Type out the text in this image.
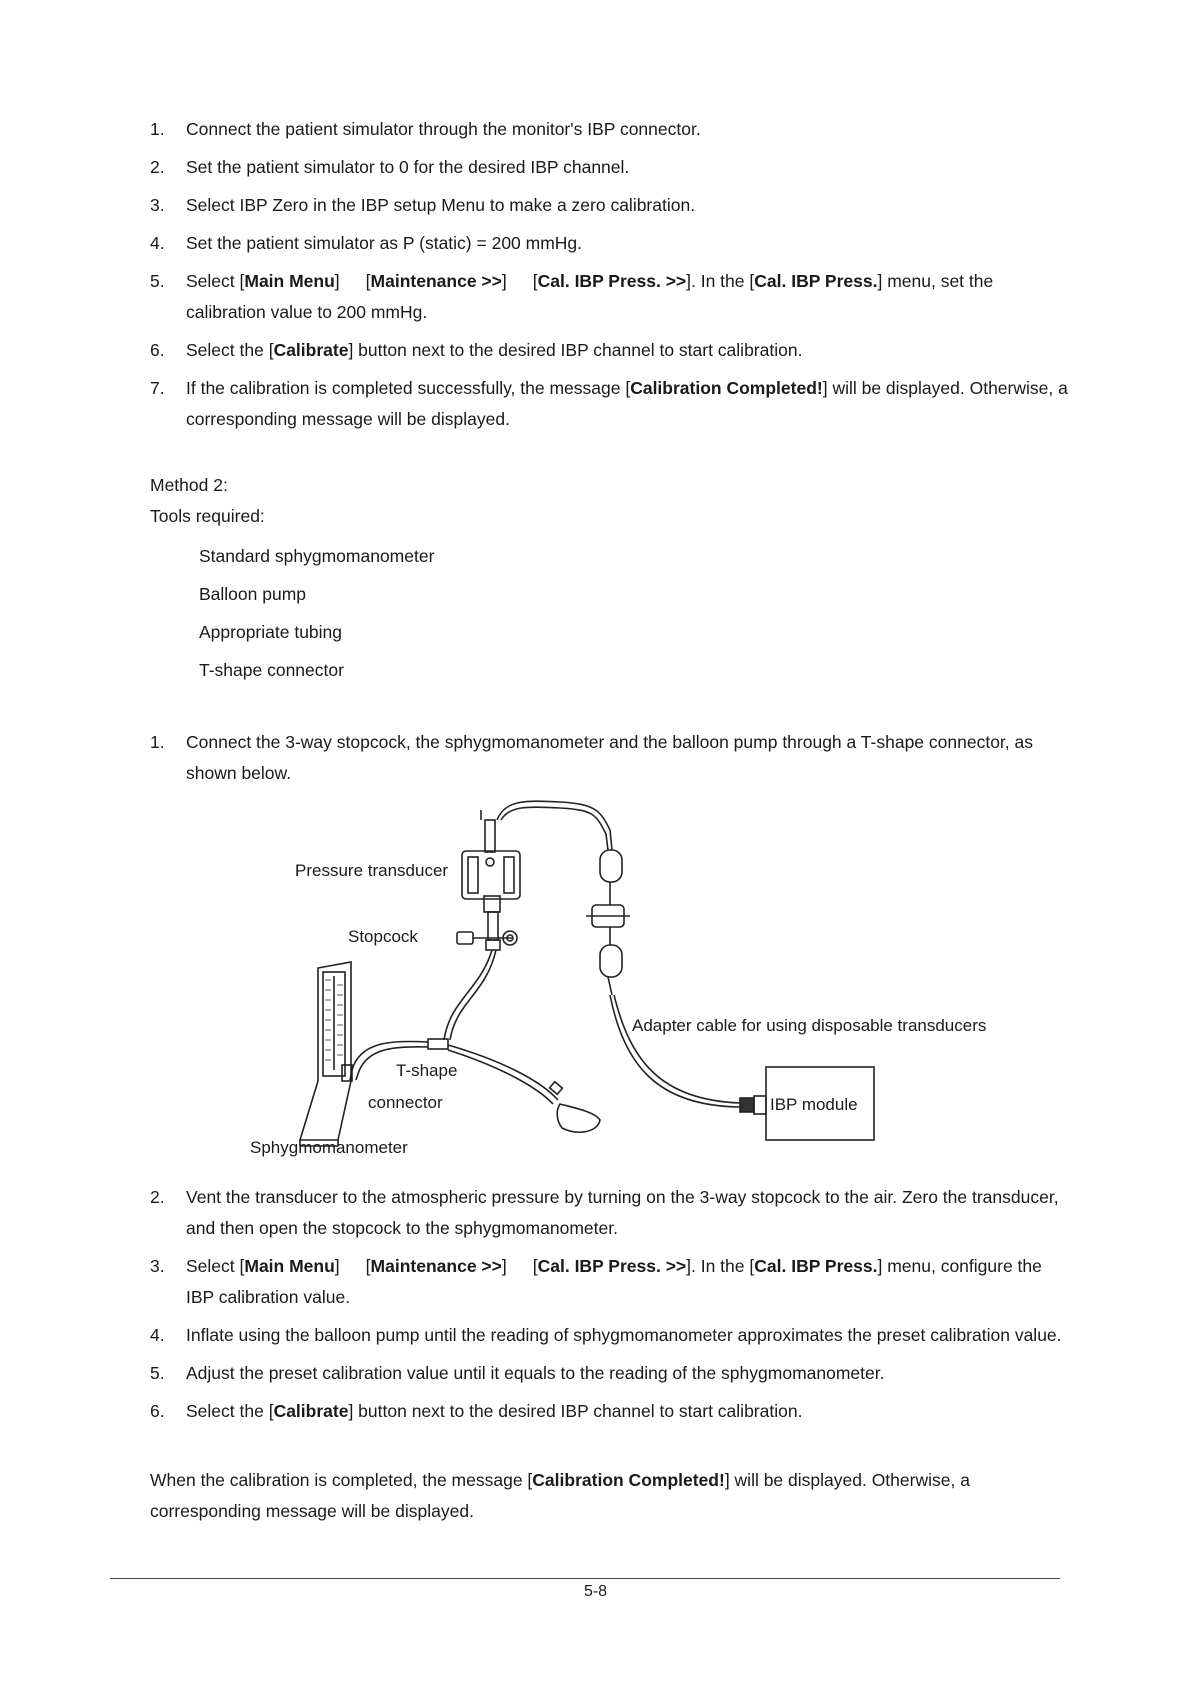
1. Connect the patient simulator through the monitor's IBP connector.
2. Set the patient simulator to 0 for the desired IBP channel.
3. Select IBP Zero in the IBP setup Menu to make a zero calibration.
4. Set the patient simulator as P (static) = 200 mmHg.
5. Select [Main Menu] [Maintenance >>] [Cal. IBP Press. >>]. In the [Cal. IBP Press.] menu, set the calibration value to 200 mmHg.
6. Select the [Calibrate] button next to the desired IBP channel to start calibration.
7. If the calibration is completed successfully, the message [Calibration Completed!] will be displayed. Otherwise, a corresponding message will be displayed.
Method 2:
Tools required:
Standard sphygmomanometer
Balloon pump
Appropriate tubing
T-shape connector
1. Connect the 3-way stopcock, the sphygmomanometer and the balloon pump through a T-shape connector, as shown below.
Pressure transducer
Stopcock
Adapter cable for using disposable transducers
T-shape
connector	IBP module
Sphygmomanometer
2. Vent the transducer to the atmospheric pressure by turning on the 3-way stopcock to the air. Zero the transducer, and then open the stopcock to the sphygmomanometer.
3. Select [Main Menu] [Maintenance >>] [Cal. IBP Press. >>]. In the [Cal. IBP Press.] menu, configure the IBP calibration value.
4. Inflate using the balloon pump until the reading of sphygmomanometer approximates the preset calibration value.
5. Adjust the preset calibration value until it equals to the reading of the sphygmomanometer.
6. Select the [Calibrate] button next to the desired IBP channel to start calibration.
When the calibration is completed, the message [Calibration Completed!] will be displayed. Otherwise, a corresponding message will be displayed.
5-8
